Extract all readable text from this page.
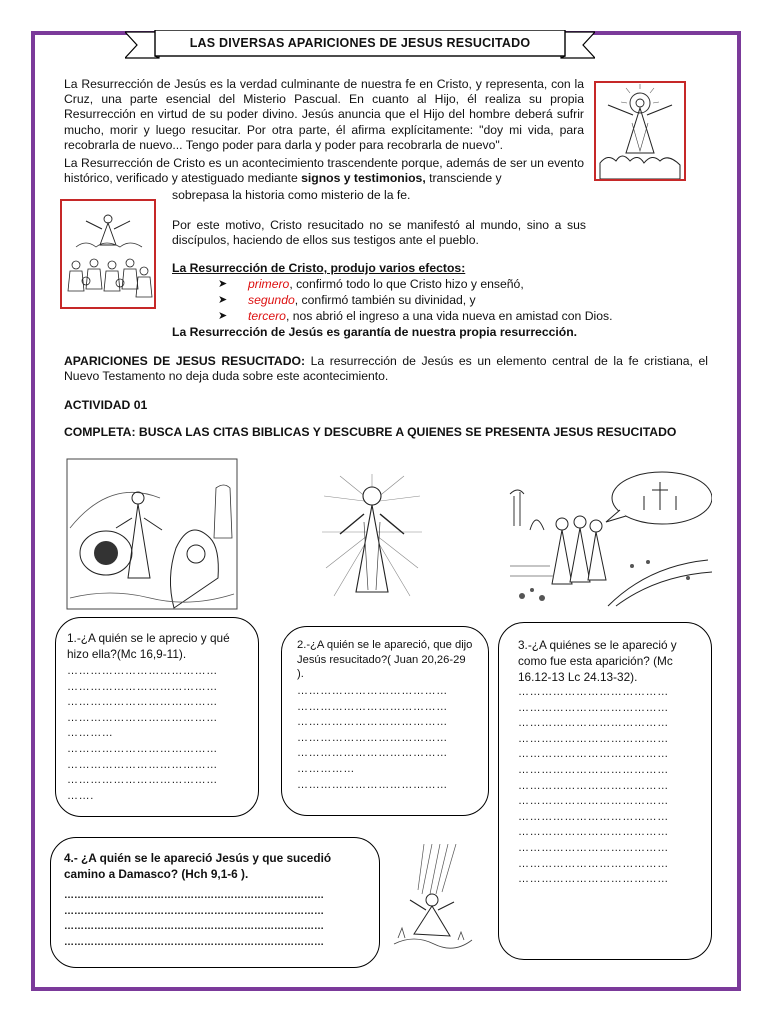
LAS DIVERSAS APARICIONES DE JESUS RESUCITADO
La Resurrección de Jesús es la verdad culminante de nuestra fe en Cristo, y representa, con la Cruz, una parte esencial del Misterio Pascual. En cuanto al Hijo, él realiza su propia Resurrección en virtud de su poder divino. Jesús anuncia que el Hijo del hombre deberá sufrir mucho, morir y luego resucitar. Por otra parte, él afirma explícitamente: "doy mi vida, para recobrarla de nuevo... Tengo poder para darla y poder para recobrarla de nuevo".
La Resurrección de Cristo es un acontecimiento trascendente porque, además de ser un evento histórico, verificado y atestiguado mediante signos y testimonios, transciende y
sobrepasa la historia como misterio de la fe.
Por este motivo, Cristo resucitado no se manifestó al mundo, sino a sus discípulos, haciendo de ellos sus testigos ante el pueblo.
La Resurrección de Cristo, produjo varios efectos:
➤ primero, confirmó todo lo que Cristo hizo y enseñó,
➤ segundo, confirmó también su divinidad, y
➤ tercero, nos abrió el ingreso a una vida nueva en amistad con Dios.
La Resurrección de Jesús es garantía de nuestra propia resurrección.
APARICIONES DE JESUS RESUCITADO: La resurrección de Jesús es un elemento central de la fe cristiana, el Nuevo Testamento no deja duda sobre este acontecimiento.
ACTIVIDAD 01
COMPLETA: BUSCA LAS CITAS BIBLICAS Y DESCUBRE A QUIENES SE PRESENTA JESUS RESUCITADO
1.-¿A quién se le aprecio y qué hizo ella?(Mc 16,9-11).
…………………………………
…………………………………
…………………………………
…………………………………
…………
…………………………………
…………………………………
…………………………………
…….
2.-¿A quién se le apareció, que dijo Jesús resucitado?( Juan 20,26-29 ).
…………………………………
…………………………………
…………………………………
…………………………………
…………………………………
……………
…………………………………
3.-¿A quiénes se le apareció y como fue esta aparición? (Mc 16.12-13 Lc 24.13-32).
…………………………………
…………………………………
…………………………………
…………………………………
…………………………………
…………………………………
…………………………………
…………………………………
…………………………………
…………………………………
…………………………………
…………………………………
…………………………………
4.- ¿A quién se le apareció Jesús y que sucedió camino a Damasco? (Hch 9,1-6 ).
……………………………………………………………………
……………………………………………………………………
……………………………………………………………………
……………………………………………………………………
